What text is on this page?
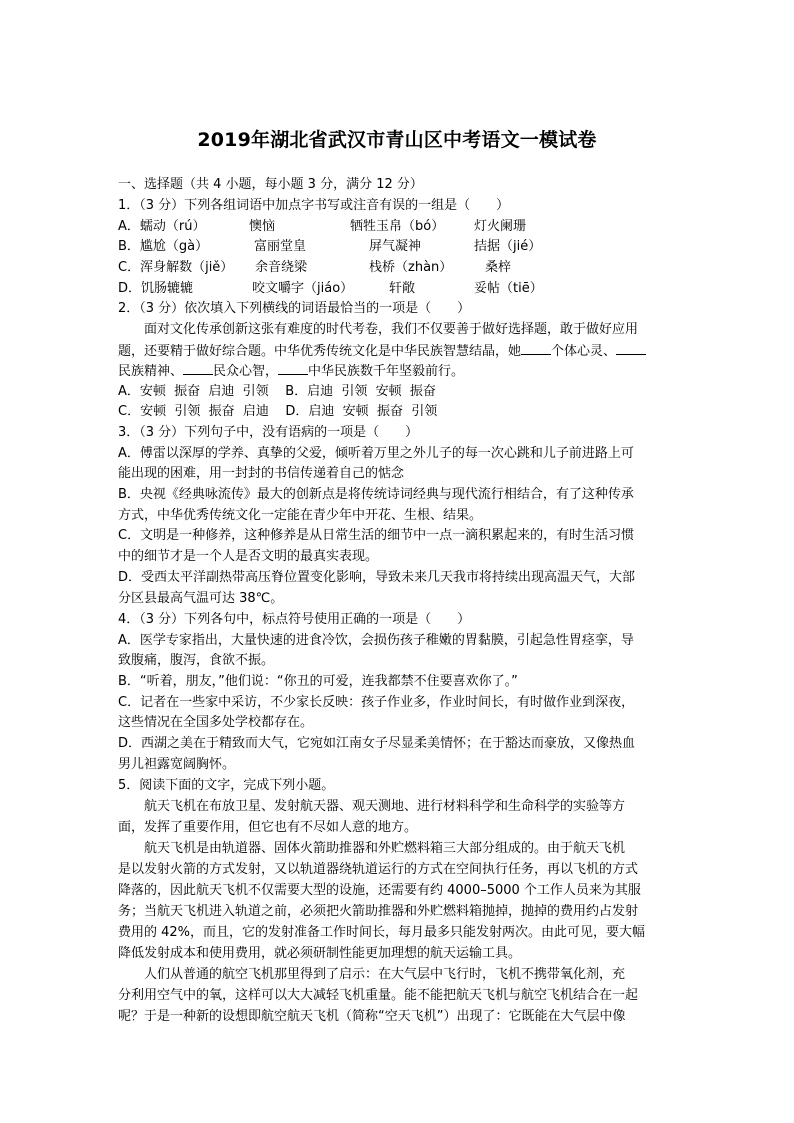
2019年湖北省武汉市青山区中考语文一模试卷
一、选择题（共 4 小题，每小题 3 分，满分 12 分）
1．（3 分）下列各组词语中加点字书写或注音有误的一组是（　　）
A．蠕动（rú）	懊恼	牺牲玉帛（bó） 灯火阑珊
B．尴尬（gà）	富丽堂皇	屏气凝神	拮据（jié）
C．浑身解数（jiě） 余音绕梁	栈桥（zhàn）	桑梓
D．饥肠辘辘	咬文嚼字（jiáo）	轩敞	妥帖（tiē）
2．（3 分）依次填入下列横线的词语最恰当的一项是（　　）
面对文化传承创新这张有难度的时代考卷，我们不仅要善于做好选择题，敢于做好应用
题，还要精于做好综合题。中华优秀传统文化是中华民族智慧结晶，她 个体心灵、
民族精神、 民众心智， 中华民族数千年坚毅前行。
A．安顿  振奋  启迪  引领    B．启迪  引领  安顿  振奋
C．安顿  引领  振奋  启迪    D．启迪  安顿  振奋  引领
3．（3 分）下列句子中，没有语病的一项是（　　）
A．傅雷以深厚的学养、真挚的父爱，倾听着万里之外儿子的每一次心跳和儿子前进路上可
能出现的困难，用一封封的书信传递着自己的惦念
B．央视《经典咏流传》最大的创新点是将传统诗词经典与现代流行相结合，有了这种传承
方式，中华优秀传统文化一定能在青少年中开花、生根、结果。
C．文明是一种修养，这种修养是从日常生活的细节中一点一滴积累起来的，有时生活习惯
中的细节才是一个人是否文明的最真实表现。
D．受西太平洋副热带高压脊位置变化影响，导致未来几天我市将持续出现高温天气，大部
分区县最高气温可达 38℃。
4．（3 分）下列各句中，标点符号使用正确的一项是（　　）
A．医学专家指出，大量快速的进食冷饮，会损伤孩子稚嫩的胃黏膜，引起急性胃痉挛，导
致腹痛，腹泻，食欲不振。
B．“听着，朋友，”他们说：“你丑的可爱，连我都禁不住要喜欢你了。”
C．记者在一些家中采访，不少家长反映：孩子作业多，作业时间长，有时做作业到深夜，
这些情况在全国多处学校都存在。
D．西湖之美在于精致而大气，它宛如江南女子尽显柔美情怀；在于豁达而豪放，又像热血
男儿袒露宽阔胸怀。
5．阅读下面的文字，完成下列小题。
航天飞机在布放卫星、发射航天器、观天测地、进行材料科学和生命科学的实验等方
面，发挥了重要作用，但它也有不尽如人意的地方。
航天飞机是由轨道器、固体火箭助推器和外贮燃料箱三大部分组成的。由于航天飞机
是以发射火箭的方式发射，又以轨道器绕轨道运行的方式在空间执行任务，再以飞机的方式
降落的，因此航天飞机不仅需要大型的设施，还需要有约 4000–5000 个工作人员来为其服
务；当航天飞机进入轨道之前，必须把火箭助推器和外贮燃料箱抛掉，抛掉的费用约占发射
费用的 42%，而且，它的发射准备工作时间长，每月最多只能发射两次。由此可见，要大幅
降低发射成本和使用费用，就必须研制性能更加理想的航天运输工具。
人们从普通的航空飞机那里得到了启示：在大气层中飞行时，飞机不携带氧化剂，充
分利用空气中的氧，这样可以大大减轻飞机重量。能不能把航天飞机与航空飞机结合在一起
呢？于是一种新的设想即航空航天飞机（简称“空天飞机”）出现了：它既能在大气层中像
